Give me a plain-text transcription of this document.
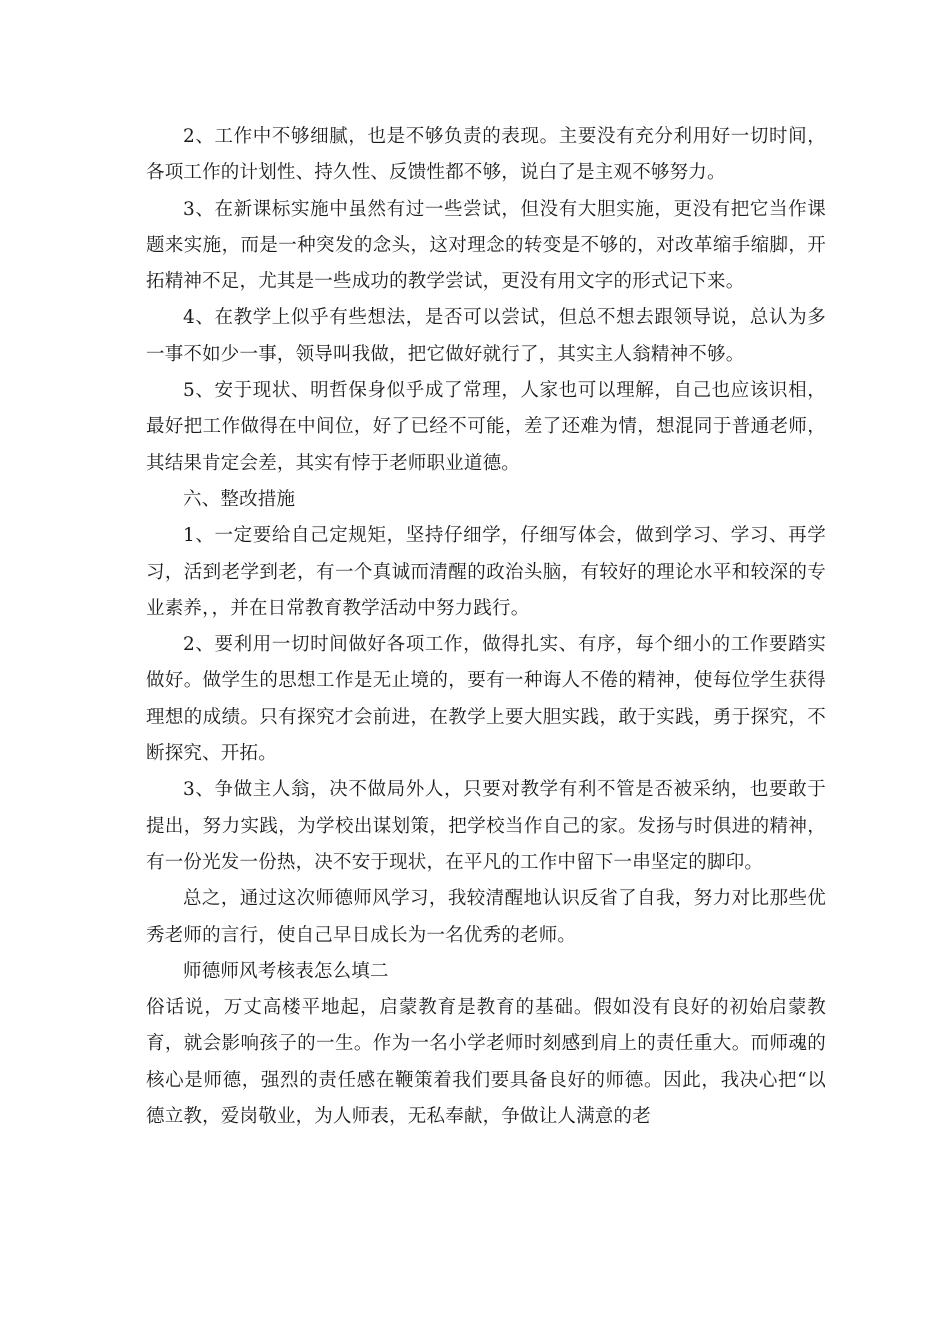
2、工作中不够细腻，也是不够负责的表现。主要没有充分利用好一切时间，各项工作的计划性、持久性、反馈性都不够，说白了是主观不够努力。

3、在新课标实施中虽然有过一些尝试，但没有大胆实施，更没有把它当作课题来实施，而是一种突发的念头，这对理念的转变是不够的，对改革缩手缩脚，开拓精神不足，尤其是一些成功的教学尝试，更没有用文字的形式记下来。

4、在教学上似乎有些想法，是否可以尝试，但总不想去跟领导说，总认为多一事不如少一事，领导叫我做，把它做好就行了，其实主人翁精神不够。

5、安于现状、明哲保身似乎成了常理，人家也可以理解，自己也应该识相，最好把工作做得在中间位，好了已经不可能，差了还难为情，想混同于普通老师，其结果肯定会差，其实有悖于老师职业道德。

六、整改措施

1、一定要给自己定规矩，坚持仔细学，仔细写体会，做到学习、学习、再学习，活到老学到老，有一个真诚而清醒的政治头脑，有较好的理论水平和较深的专业素养，，并在日常教育教学活动中努力践行。

2、要利用一切时间做好各项工作，做得扎实、有序，每个细小的工作要踏实做好。做学生的思想工作是无止境的，要有一种诲人不倦的精神，使每位学生获得理想的成绩。只有探究才会前进，在教学上要大胆实践，敢于实践，勇于探究，不断探究、开拓。

3、争做主人翁，决不做局外人，只要对教学有利不管是否被采纳，也要敢于提出，努力实践，为学校出谋划策，把学校当作自己的家。发扬与时俱进的精神，有一份光发一份热，决不安于现状，在平凡的工作中留下一串坚定的脚印。

总之，通过这次师德师风学习，我较清醒地认识反省了自我，努力对比那些优秀老师的言行，使自己早日成长为一名优秀的老师。

师德师风考核表怎么填二

俗话说，万丈高楼平地起，启蒙教育是教育的基础。假如没有良好的初始启蒙教育，就会影响孩子的一生。作为一名小学老师时刻感到肩上的责任重大。而师魂的核心是师德，强烈的责任感在鞭策着我们要具备良好的师德。因此，我决心把“以德立教，爱岗敬业，为人师表，无私奉献，争做让人满意的老
